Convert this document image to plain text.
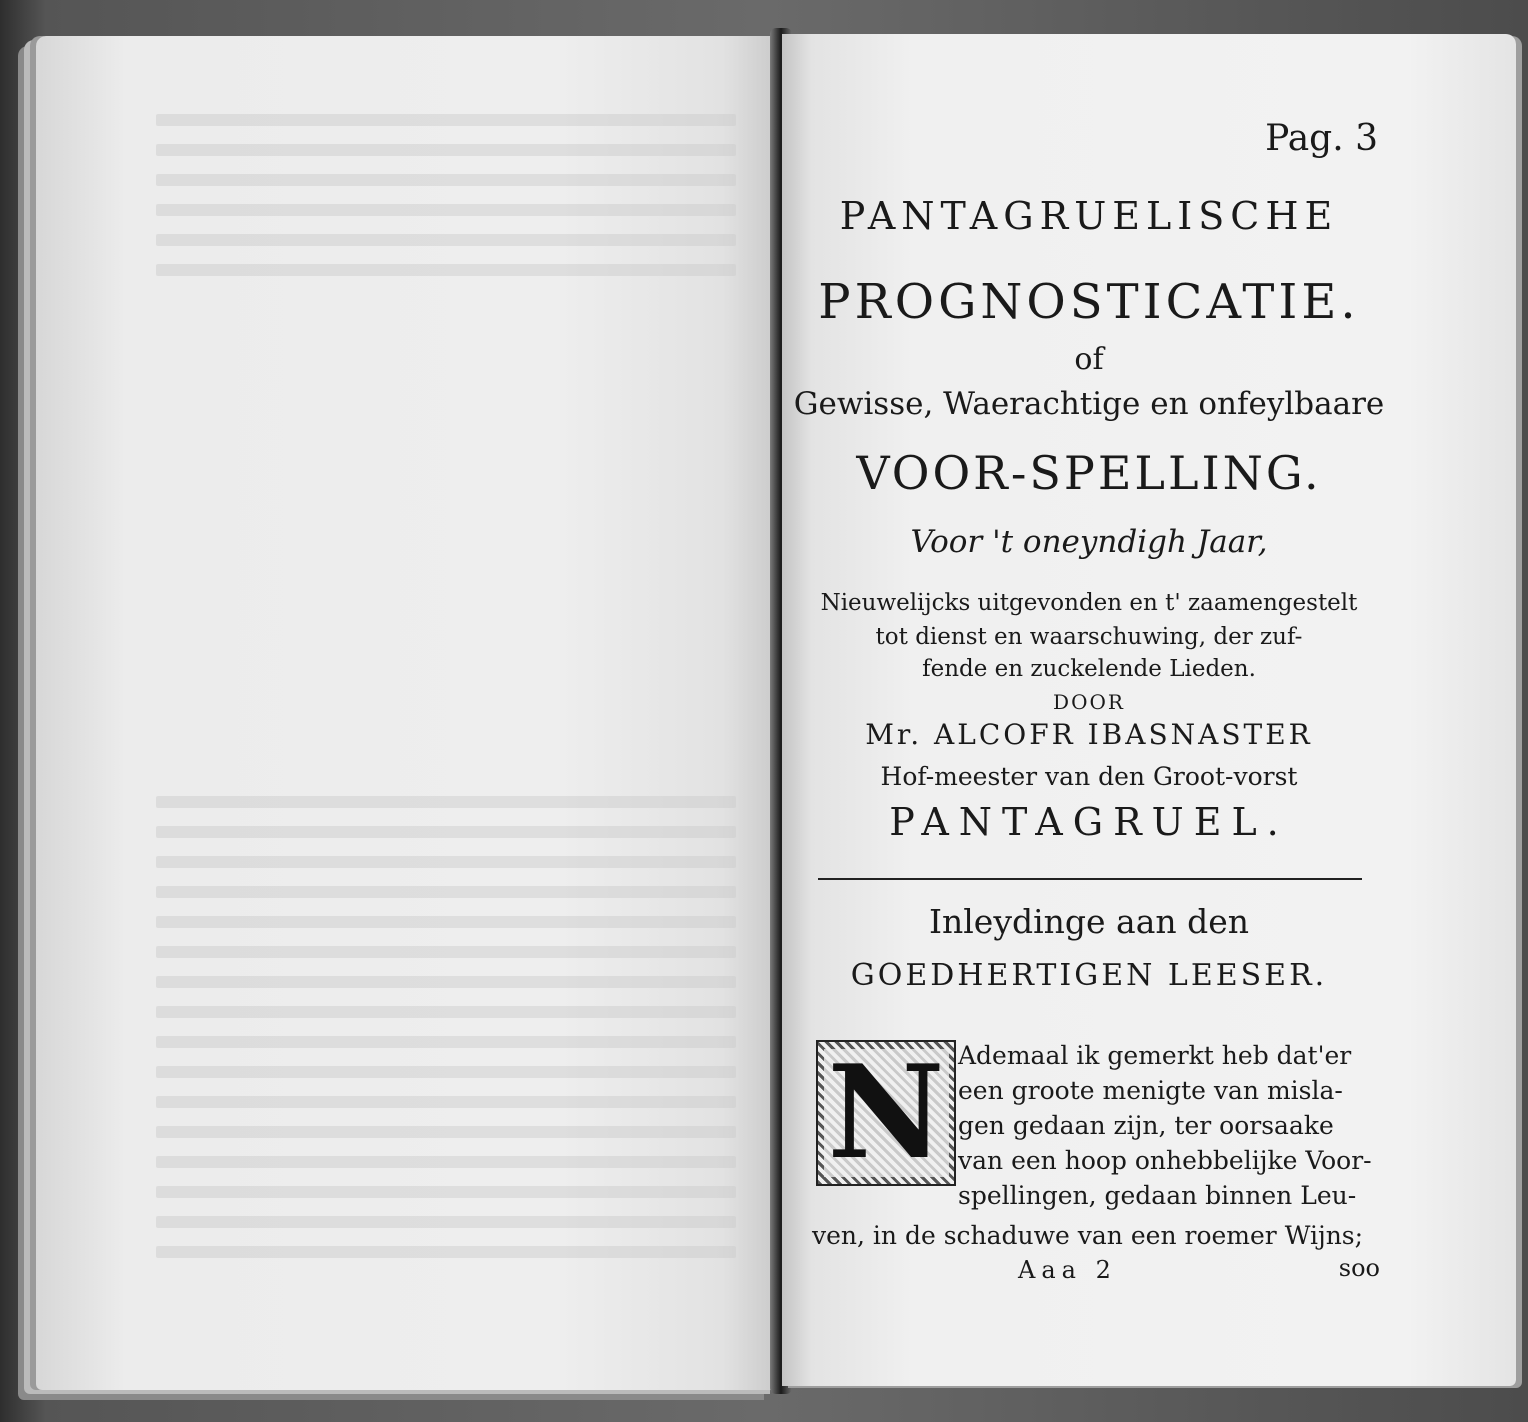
Pag. 3
PANTAGRUELISCHE
PROGNOSTICATIE.
of
Gewisse, Waerachtige en onfeylbaare
VOOR-SPELLING.
Voor 't oneyndigh Jaar,
Nieuwelijcks uitgevonden en t' zaamengestelt
tot dienst en waarschuwing, der zuf-
fende en zuckelende Lieden.
DOOR
Mr. ALCOFR IBASNASTER
Hof-meester van den Groot-vorst
PANTAGRUEL.
Inleydinge aan den
GOEDHERTIGEN LEESER.
N Ademaal ik gemerkt heb dat'er
een groote menigte van misla-
gen gedaan zijn, ter oorsaake
van een hoop onhebbelijke Voor-
spellingen, gedaan binnen Leu-
ven, in de schaduwe van een roemer Wijns;
Aaa 2	soo
